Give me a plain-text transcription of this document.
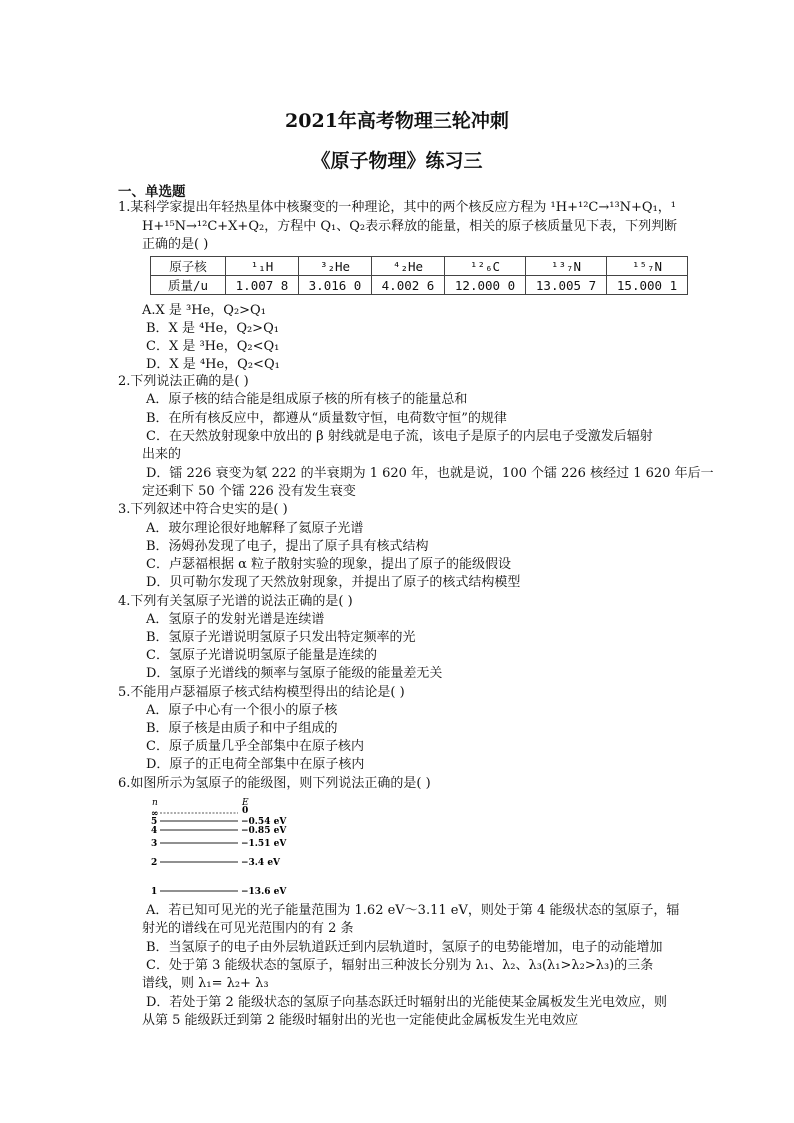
2021年高考物理三轮冲刺
《原子物理》练习三
一、单选题
1.某科学家提出年轻热星体中核聚变的一种理论，其中的两个核反应方程为 ¹H+¹²C→¹³N+Q₁，¹
H+¹⁵N→¹²C+X+Q₂，方程中 Q₁、Q₂表示释放的能量，相关的原子核质量见下表，下列判断
正确的是( )
原子核	¹₁H	³₂He	⁴₂He	¹²₆C	¹³₇N	¹⁵₇N
质量/u	1.007 8	3.016 0	4.002 6	12.000 0	13.005 7	15.000 1
A.X 是 ³He，Q₂>Q₁
B．X 是 ⁴He，Q₂>Q₁
C．X 是 ³He，Q₂<Q₁
D．X 是 ⁴He，Q₂<Q₁
2.下列说法正确的是( )
A．原子核的结合能是组成原子核的所有核子的能量总和
B．在所有核反应中，都遵从“质量数守恒，电荷数守恒”的规律
C．在天然放射现象中放出的 β 射线就是电子流，该电子是原子的内层电子受激发后辐射
出来的
D．镭 226 衰变为氡 222 的半衰期为 1 620 年，也就是说，100 个镭 226 核经过 1 620 年后一
定还剩下 50 个镭 226 没有发生衰变
3.下列叙述中符合史实的是( )
A．玻尔理论很好地解释了氦原子光谱
B．汤姆孙发现了电子，提出了原子具有核式结构
C．卢瑟福根据 α 粒子散射实验的现象，提出了原子的能级假设
D．贝可勒尔发现了天然放射现象，并提出了原子的核式结构模型
4.下列有关氢原子光谱的说法正确的是( )
A．氢原子的发射光谱是连续谱
B．氢原子光谱说明氢原子只发出特定频率的光
C．氢原子光谱说明氢原子能量是连续的
D．氢原子光谱线的频率与氢原子能级的能量差无关
5.不能用卢瑟福原子核式结构模型得出的结论是( )
A．原子中心有一个很小的原子核
B．原子核是由质子和中子组成的
C．原子质量几乎全部集中在原子核内
D．原子的正电荷全部集中在原子核内
6.如图所示为氢原子的能级图，则下列说法正确的是( )
n	E
∞	0
5	−0.54 eV
4	−0.85 eV
3	−1.51 eV
2	−3.4 eV
1	−13.6 eV
A．若已知可见光的光子能量范围为 1.62 eV～3.11 eV，则处于第 4 能级状态的氢原子，辐
射光的谱线在可见光范围内的有 2 条
B．当氢原子的电子由外层轨道跃迁到内层轨道时，氢原子的电势能增加，电子的动能增加
C．处于第 3 能级状态的氢原子，辐射出三种波长分别为 λ₁、λ₂、λ₃(λ₁>λ₂>λ₃)的三条
谱线，则 λ₁= λ₂+ λ₃
D．若处于第 2 能级状态的氢原子向基态跃迁时辐射出的光能使某金属板发生光电效应，则
从第 5 能级跃迁到第 2 能级时辐射出的光也一定能使此金属板发生光电效应
